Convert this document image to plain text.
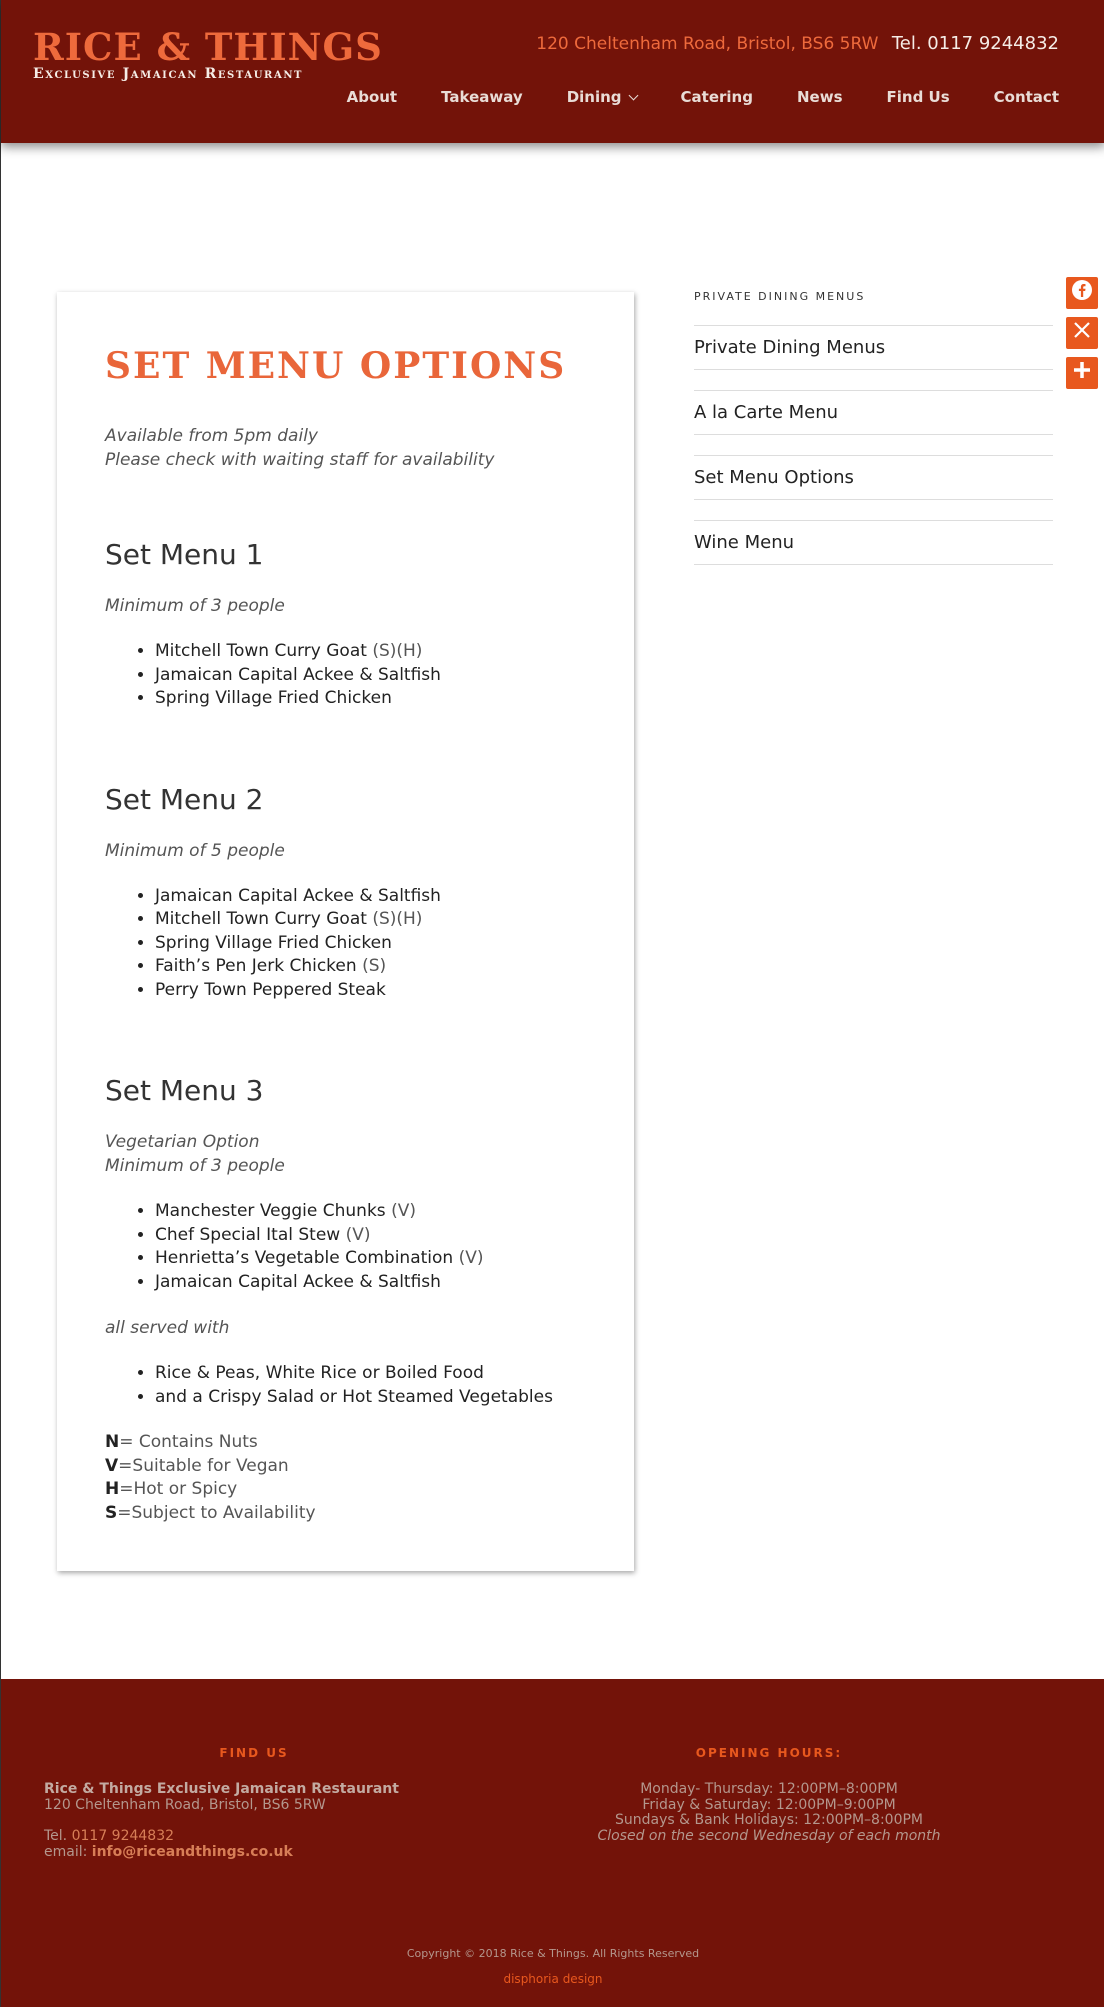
RICE & THINGS
Exclusive Jamaican Restaurant
120 Cheltenham Road, Bristol, BS6 5RW Tel. 0117 9244832
About	Takeaway	Dining	Catering	News	Find Us	Contact
SET MENU OPTIONS

Available from 5pm daily

Please check with waiting staff for availability

Set Menu 1

Minimum of 3 people

• Mitchell Town Curry Goat (S)(H)
• Jamaican Capital Ackee & Saltfish
• Spring Village Fried Chicken
Set Menu 2

Minimum of 5 people

• Jamaican Capital Ackee & Saltfish
• Mitchell Town Curry Goat (S)(H)
• Spring Village Fried Chicken
• Faith’s Pen Jerk Chicken (S)
• Perry Town Peppered Steak
Set Menu 3

Vegetarian Option

Minimum of 3 people

• Manchester Veggie Chunks (V)
• Chef Special Ital Stew (V)
• Henrietta’s Vegetable Combination (V)
• Jamaican Capital Ackee & Saltfish

all served with

• Rice & Peas, White Rice or Boiled Food
• and a Crispy Salad or Hot Steamed Vegetables
N= Contains Nuts
V=Suitable for Vegan
H=Hot or Spicy
S=Subject to Availability
PRIVATE DINING MENUS
Private Dining Menus
A la Carte Menu
Set Menu Options
Wine Menu
FIND US
Rice & Things Exclusive Jamaican Restaurant
120 Cheltenham Road, Bristol, BS6 5RW
Tel. 0117 9244832
email: info@riceandthings.co.uk
OPENING HOURS:
Monday- Thursday: 12:00PM–8:00PM
Friday & Saturday: 12:00PM–9:00PM
Sundays & Bank Holidays: 12:00PM–8:00PM
Closed on the second Wednesday of each month
Copyright © 2018 Rice & Things. All Rights Reserved
disphoria design
